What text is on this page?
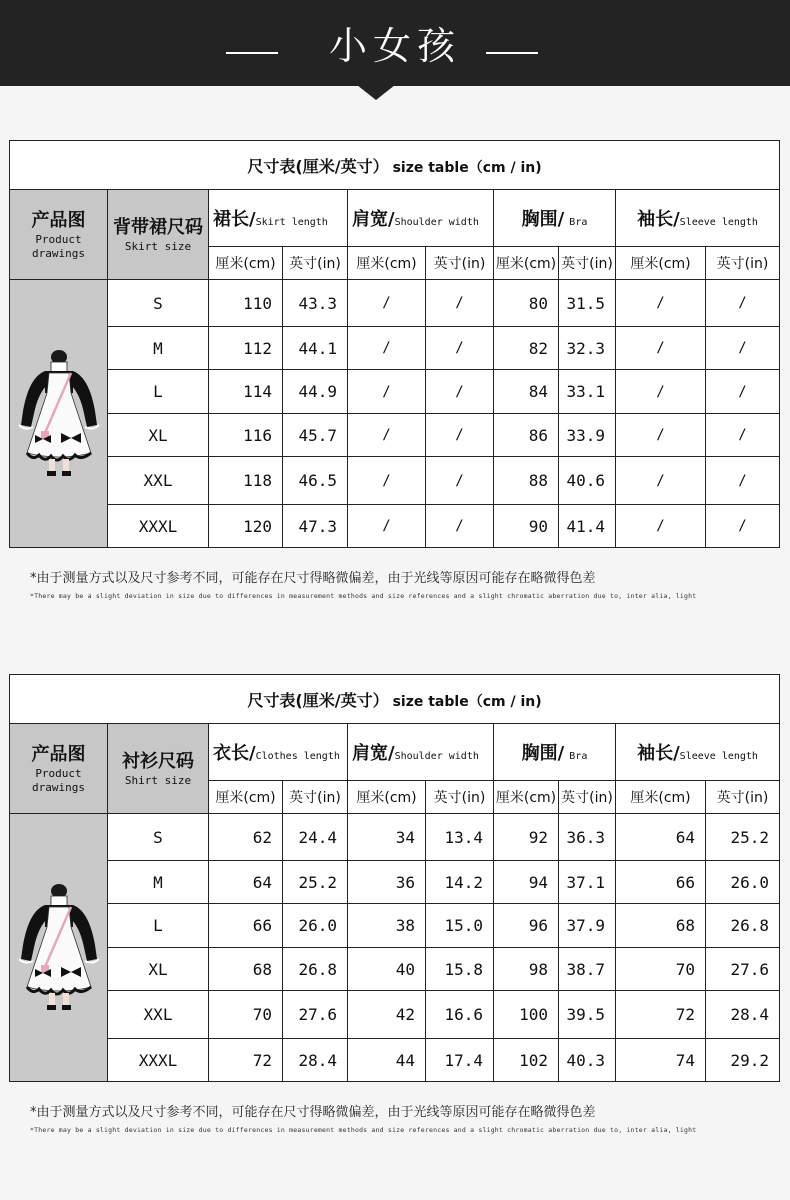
小女孩
尺寸表(厘米/英寸） size table（cm / in)									

产品图
Product
drawings	背带裙尺码
Skirt size	裙长/Skirt length		肩宽/Shoulder width		胸围/ Bra		袖长/Sleeve length	
		厘米(cm)	英寸(in)	厘米(cm)	英寸(in)	厘米(cm)	英寸(in)	厘米(cm)	英寸(in)

	S	110	43.3	/	/	80	31.5	/	/
	M	112	44.1	/	/	82	32.3	/	/
	L	114	44.9	/	/	84	33.1	/	/
	XL	116	45.7	/	/	86	33.9	/	/
	XXL	118	46.5	/	/	88	40.6	/	/
	XXXL	120	47.3	/	/	90	41.4	/	/
*由于测量方式以及尺寸参考不同，可能存在尺寸得略微偏差，由于光线等原因可能存在略微得色差
*There may be a slight deviation in size due to differences in measurement methods and size references and a slight chromatic aberration due to, inter alia, light
尺寸表(厘米/英寸） size table（cm / in)									

产品图
Product
drawings	衬衫尺码
Shirt size	衣长/Clothes length		肩宽/Shoulder width		胸围/ Bra		袖长/Sleeve length	
		厘米(cm)	英寸(in)	厘米(cm)	英寸(in)	厘米(cm)	英寸(in)	厘米(cm)	英寸(in)

	S	62	24.4	34	13.4	92	36.3	64	25.2
	M	64	25.2	36	14.2	94	37.1	66	26.0
	L	66	26.0	38	15.0	96	37.9	68	26.8
	XL	68	26.8	40	15.8	98	38.7	70	27.6
	XXL	70	27.6	42	16.6	100	39.5	72	28.4
	XXXL	72	28.4	44	17.4	102	40.3	74	29.2
*由于测量方式以及尺寸参考不同，可能存在尺寸得略微偏差，由于光线等原因可能存在略微得色差
*There may be a slight deviation in size due to differences in measurement methods and size references and a slight chromatic aberration due to, inter alia, light
